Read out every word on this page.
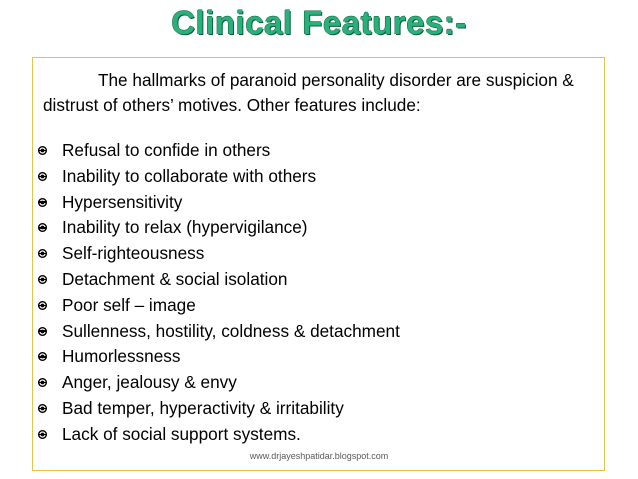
Clinical Features:-

The hallmarks of paranoid personality disorder are suspicion & distrust of others’ motives. Other features include:

Refusal to confide in others
Inability to collaborate with others
Hypersensitivity
Inability to relax (hypervigilance)
Self-righteousness
Detachment & social isolation
Poor self – image
Sullenness, hostility, coldness & detachment
Humorlessness
Anger, jealousy & envy
Bad temper, hyperactivity & irritability
Lack of social support systems.
www.drjayeshpatidar.blogspot.com
